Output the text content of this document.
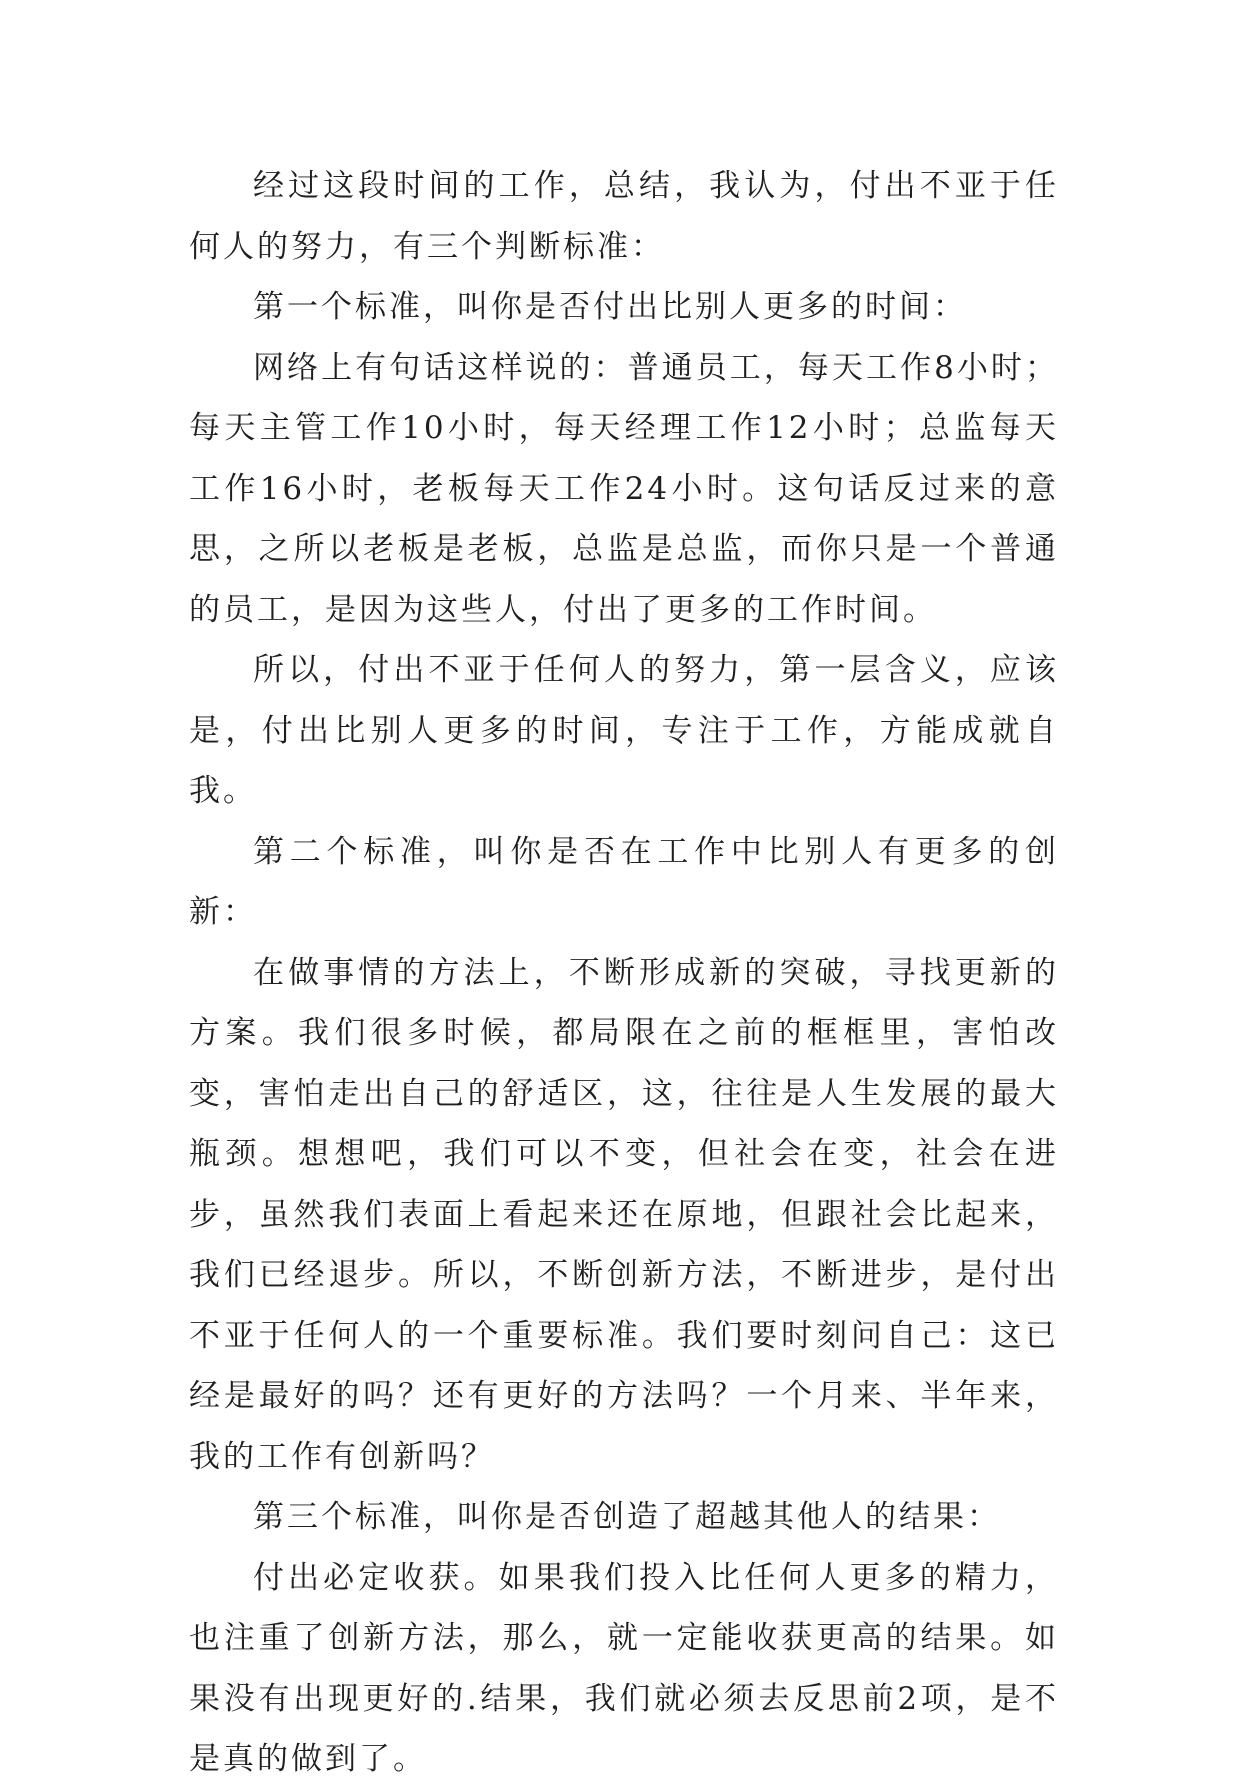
经过这段时间的工作，总结，我认为，付出不亚于任何人的努力，有三个判断标准：

第一个标准，叫你是否付出比别人更多的时间：

网络上有句话这样说的：普通员工，每天工作8小时；每天主管工作10小时，每天经理工作12小时；总监每天工作16小时，老板每天工作24小时。这句话反过来的意思，之所以老板是老板，总监是总监，而你只是一个普通的员工，是因为这些人，付出了更多的工作时间。

所以，付出不亚于任何人的努力，第一层含义，应该是，付出比别人更多的时间，专注于工作，方能成就自我。

第二个标准，叫你是否在工作中比别人有更多的创新：

在做事情的方法上，不断形成新的突破，寻找更新的方案。我们很多时候，都局限在之前的框框里，害怕改变，害怕走出自己的舒适区，这，往往是人生发展的最大瓶颈。想想吧，我们可以不变，但社会在变，社会在进步，虽然我们表面上看起来还在原地，但跟社会比起来，我们已经退步。所以，不断创新方法，不断进步，是付出不亚于任何人的一个重要标准。我们要时刻问自己：这已经是最好的吗？还有更好的方法吗？一个月来、半年来，我的工作有创新吗？

第三个标准，叫你是否创造了超越其他人的结果：

付出必定收获。如果我们投入比任何人更多的精力，也注重了创新方法，那么，就一定能收获更高的结果。如果没有出现更好的.结果，我们就必须去反思前2项，是不是真的做到了。
